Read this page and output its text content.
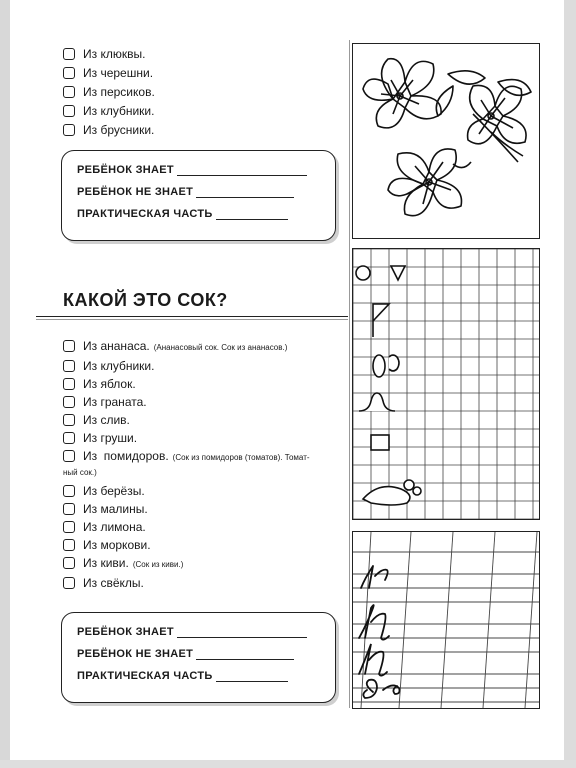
Из клюквы.
Из черешни.
Из персиков.
Из клубники.
Из брусники.
РЕБЁНОК ЗНАЕТ
РЕБЁНОК НЕ ЗНАЕТ
ПРАКТИЧЕСКАЯ ЧАСТЬ
КАКОЙ ЭТО СОК?
Из ананаса. (Ананасовый сок. Сок из ананасов.)
Из клубники.
Из яблок.
Из граната.
Из слив.
Из груши.
Из  помидоров. (Сок из помидоров (томатов). Томат-
ный сок.)
Из берёзы.
Из малины.
Из лимона.
Из моркови.
Из киви. (Сок из киви.)
Из свёклы.
РЕБЁНОК ЗНАЕТ
РЕБЁНОК НЕ ЗНАЕТ
ПРАКТИЧЕСКАЯ ЧАСТЬ
